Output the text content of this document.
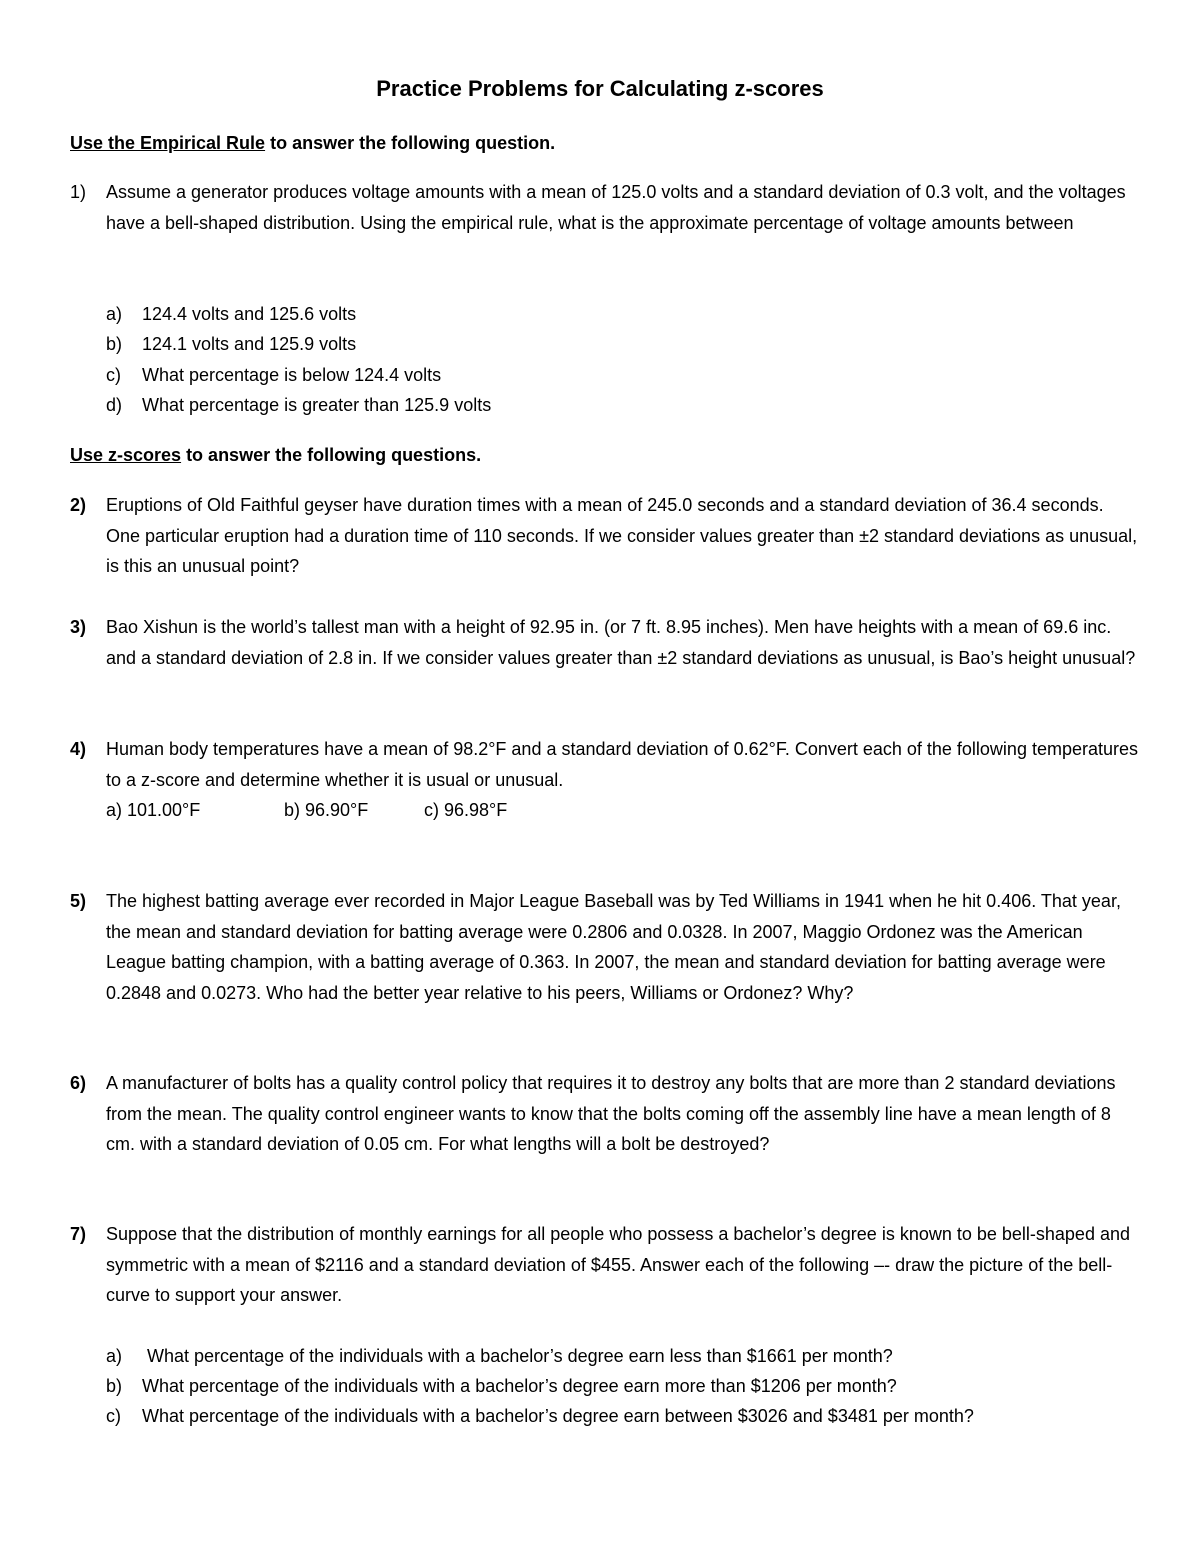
Practice Problems for Calculating z-scores
Use the Empirical Rule to answer the following question.
1)	Assume a generator produces voltage amounts with a mean of 125.0 volts and a standard deviation of 0.3 volt, and the voltages have a bell-shaped distribution. Using the empirical rule, what is the approximate percentage of voltage amounts between
a) 124.4 volts and 125.6 volts
b) 124.1 volts and 125.9 volts
c) What percentage is below 124.4 volts
d) What percentage is greater than 125.9 volts
Use z-scores to answer the following questions.
2)	Eruptions of Old Faithful geyser have duration times with a mean of 245.0 seconds and a standard deviation of 36.4 seconds. One particular eruption had a duration time of 110 seconds. If we consider values greater than ±2 standard deviations as unusual, is this an unusual point?
3)	Bao Xishun is the world’s tallest man with a height of 92.95 in. (or 7 ft. 8.95 inches). Men have heights with a mean of 69.6 inc. and a standard deviation of 2.8 in. If we consider values greater than ±2 standard deviations as unusual, is Bao’s height unusual?
4)	Human body temperatures have a mean of 98.2°F and a standard deviation of 0.62°F. Convert each of the following temperatures to a z-score and determine whether it is usual or unusual.
a) 101.00°F	b) 96.90°F	c) 96.98°F
5)	The highest batting average ever recorded in Major League Baseball was by Ted Williams in 1941 when he hit 0.406. That year, the mean and standard deviation for batting average were 0.2806 and 0.0328. In 2007, Maggio Ordonez was the American League batting champion, with a batting average of 0.363. In 2007, the mean and standard deviation for batting average were 0.2848 and 0.0273. Who had the better year relative to his peers, Williams or Ordonez? Why?
6)	A manufacturer of bolts has a quality control policy that requires it to destroy any bolts that are more than 2 standard deviations from the mean. The quality control engineer wants to know that the bolts coming off the assembly line have a mean length of 8 cm. with a standard deviation of 0.05 cm. For what lengths will a bolt be destroyed?
7)	Suppose that the distribution of monthly earnings for all people who possess a bachelor’s degree is known to be bell-shaped and symmetric with a mean of $2116 and a standard deviation of $455. Answer each of the following –- draw the picture of the bell-curve to support your answer.
a) What percentage of the individuals with a bachelor’s degree earn less than $1661 per month?
b) What percentage of the individuals with a bachelor’s degree earn more than $1206 per month?
c) What percentage of the individuals with a bachelor’s degree earn between $3026 and $3481 per month?
